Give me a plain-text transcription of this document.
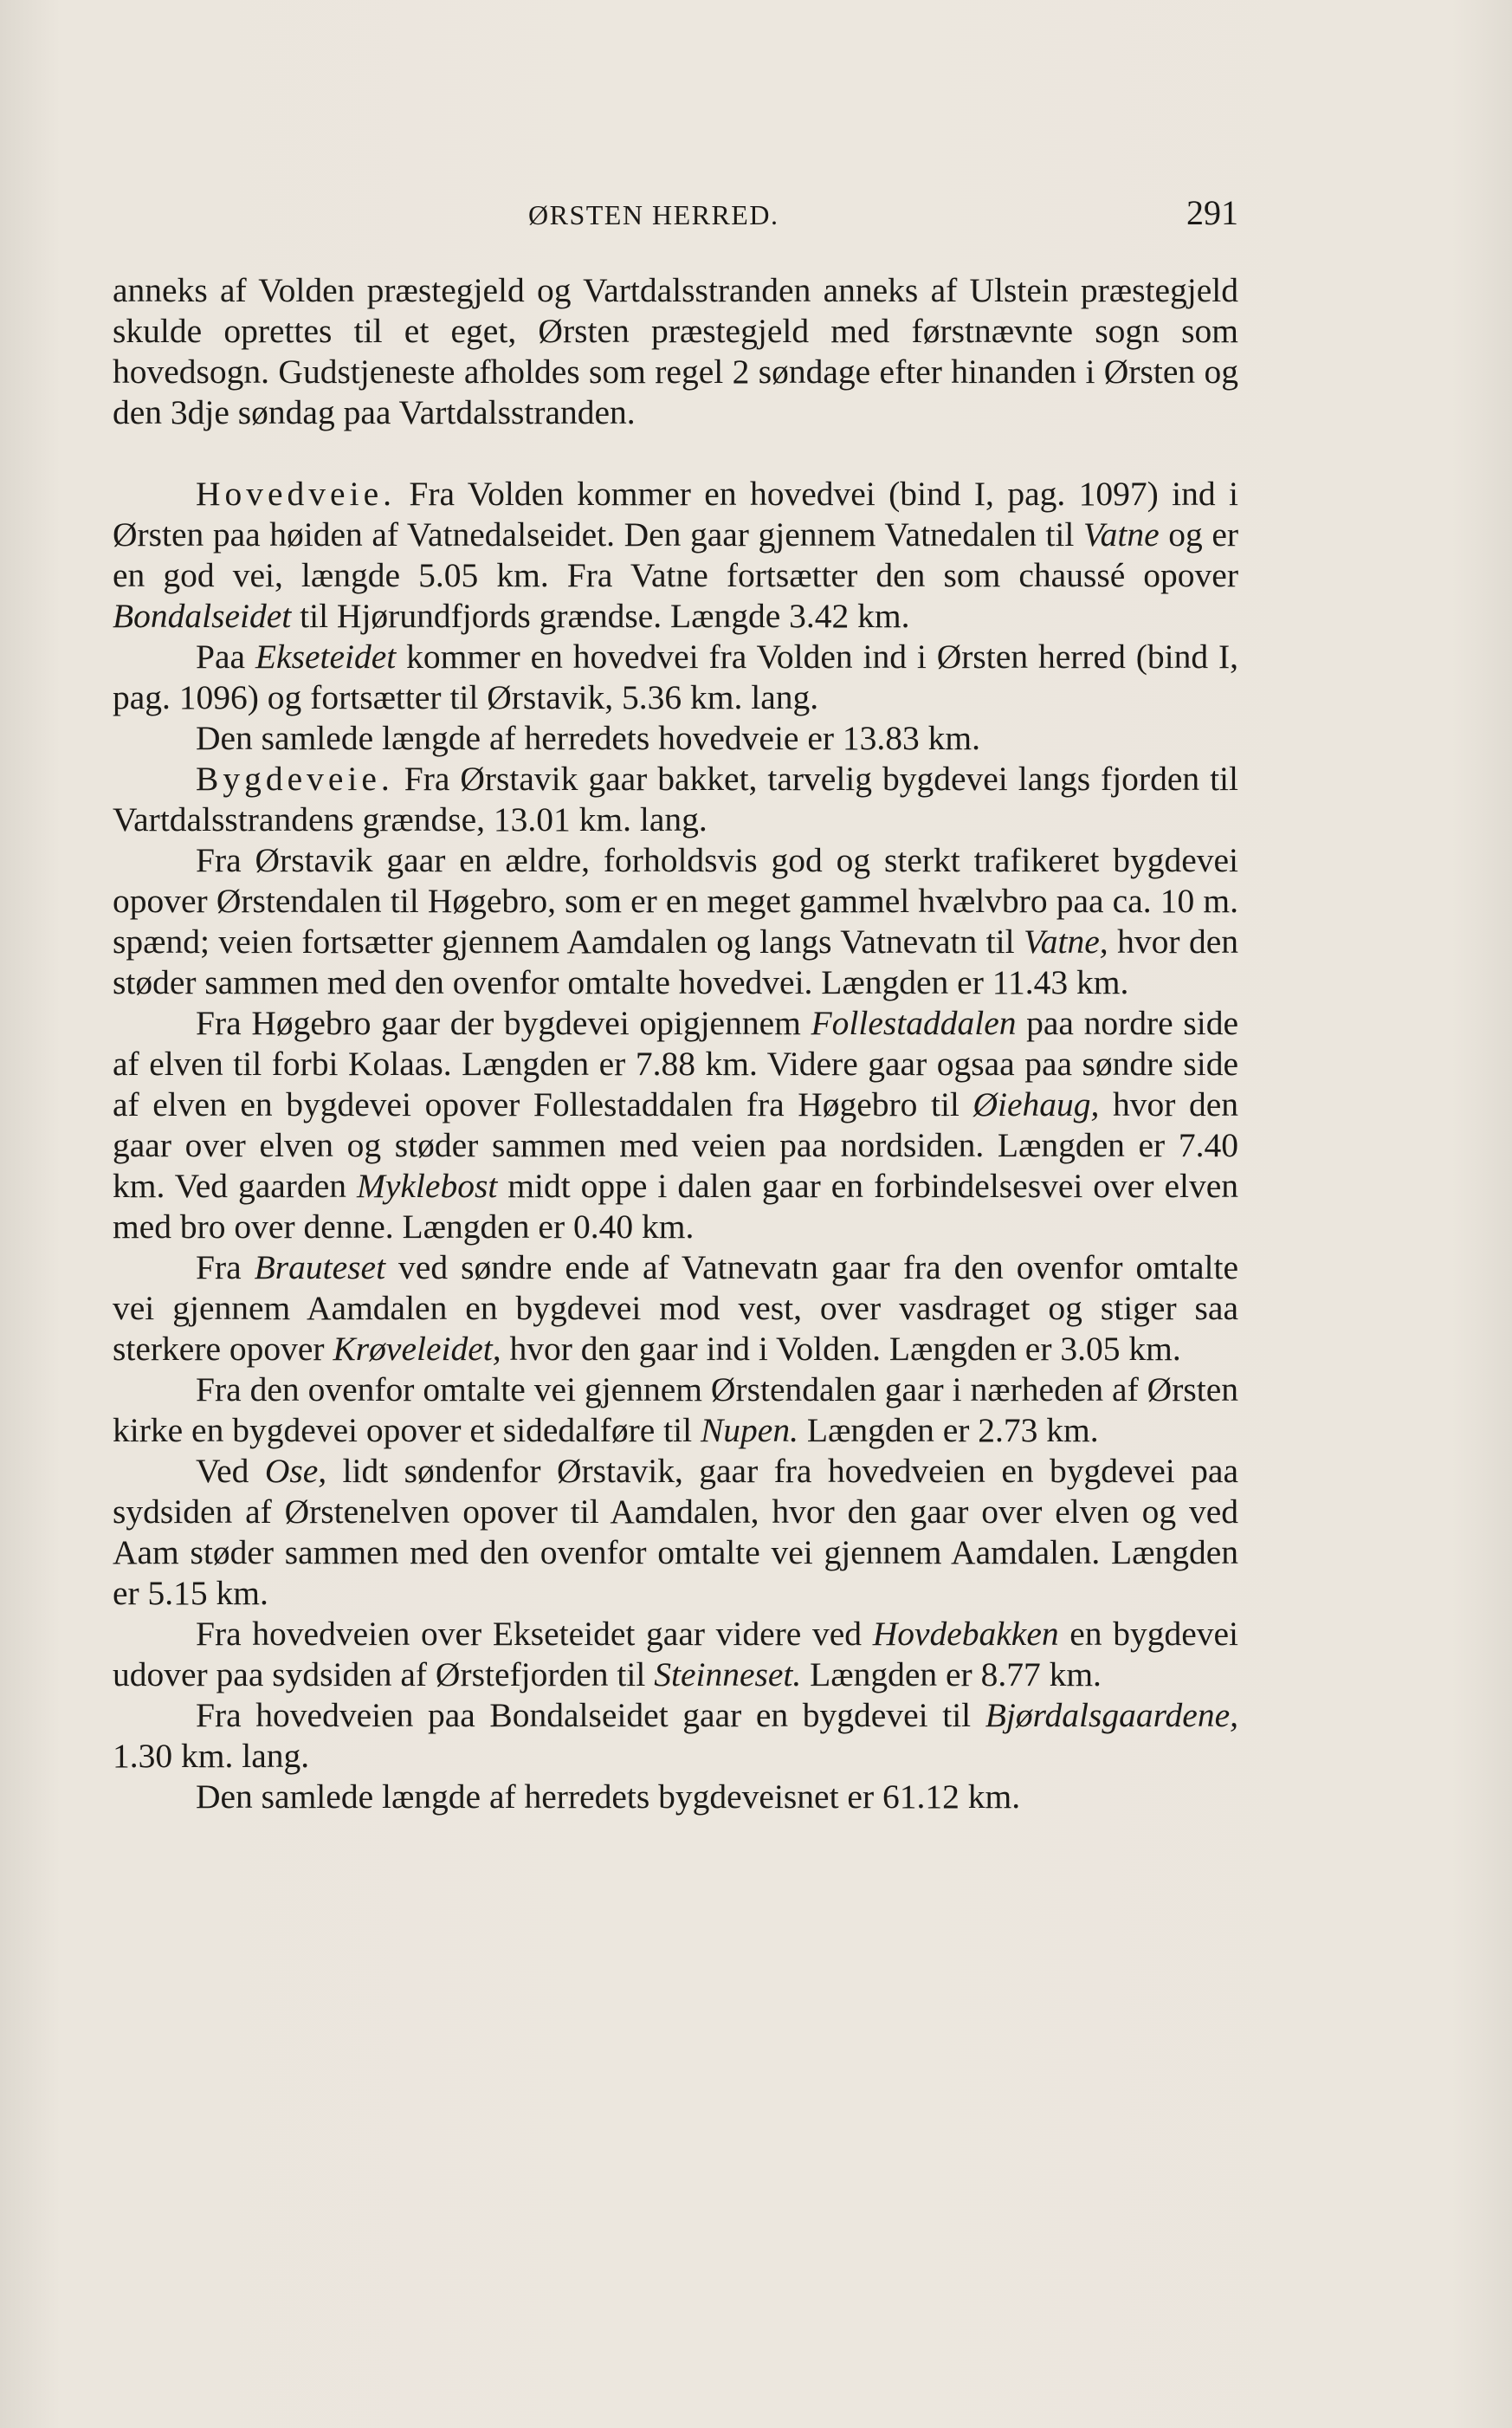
ØRSTEN HERRED.	291

anneks af Volden præstegjeld og Vartdalsstranden anneks af Ulstein præstegjeld skulde oprettes til et eget, Ørsten præstegjeld med førstnævnte sogn som hovedsogn. Gudstjeneste afholdes som regel 2 søndage efter hinanden i Ørsten og den 3dje søndag paa Vartdalsstranden.

Hovedveie. Fra Volden kommer en hovedvei (bind I, pag. 1097) ind i Ørsten paa høiden af Vatnedalseidet. Den gaar gjennem Vatnedalen til Vatne og er en god vei, længde 5.05 km. Fra Vatne fortsætter den som chaussé opover Bondalseidet til Hjørundfjords grændse. Længde 3.42 km.

Paa Ekseteidet kommer en hovedvei fra Volden ind i Ørsten herred (bind I, pag. 1096) og fortsætter til Ørstavik, 5.36 km. lang.

Den samlede længde af herredets hovedveie er 13.83 km.

Bygdeveie. Fra Ørstavik gaar bakket, tarvelig bygdevei langs fjorden til Vartdalsstrandens grændse, 13.01 km. lang.

Fra Ørstavik gaar en ældre, forholdsvis god og sterkt trafikeret bygdevei opover Ørstendalen til Høgebro, som er en meget gammel hvælvbro paa ca. 10 m. spænd; veien fortsætter gjennem Aamdalen og langs Vatnevatn til Vatne, hvor den støder sammen med den ovenfor omtalte hovedvei. Længden er 11.43 km.

Fra Høgebro gaar der bygdevei opigjennem Follestaddalen paa nordre side af elven til forbi Kolaas. Længden er 7.88 km. Videre gaar ogsaa paa søndre side af elven en bygdevei opover Follestaddalen fra Høgebro til Øiehaug, hvor den gaar over elven og støder sammen med veien paa nordsiden. Længden er 7.40 km. Ved gaarden Myklebost midt oppe i dalen gaar en forbindelsesvei over elven med bro over denne. Længden er 0.40 km.

Fra Brauteset ved søndre ende af Vatnevatn gaar fra den ovenfor omtalte vei gjennem Aamdalen en bygdevei mod vest, over vasdraget og stiger saa sterkere opover Krøveleidet, hvor den gaar ind i Volden. Længden er 3.05 km.

Fra den ovenfor omtalte vei gjennem Ørstendalen gaar i nærheden af Ørsten kirke en bygdevei opover et sidedalføre til Nupen. Længden er 2.73 km.

Ved Ose, lidt søndenfor Ørstavik, gaar fra hovedveien en bygdevei paa sydsiden af Ørstenelven opover til Aamdalen, hvor den gaar over elven og ved Aam støder sammen med den ovenfor omtalte vei gjennem Aamdalen. Længden er 5.15 km.

Fra hovedveien over Ekseteidet gaar videre ved Hovdebakken en bygdevei udover paa sydsiden af Ørstefjorden til Steinneset. Længden er 8.77 km.

Fra hovedveien paa Bondalseidet gaar en bygdevei til Bjørdalsgaardene, 1.30 km. lang.

Den samlede længde af herredets bygdeveisnet er 61.12 km.
